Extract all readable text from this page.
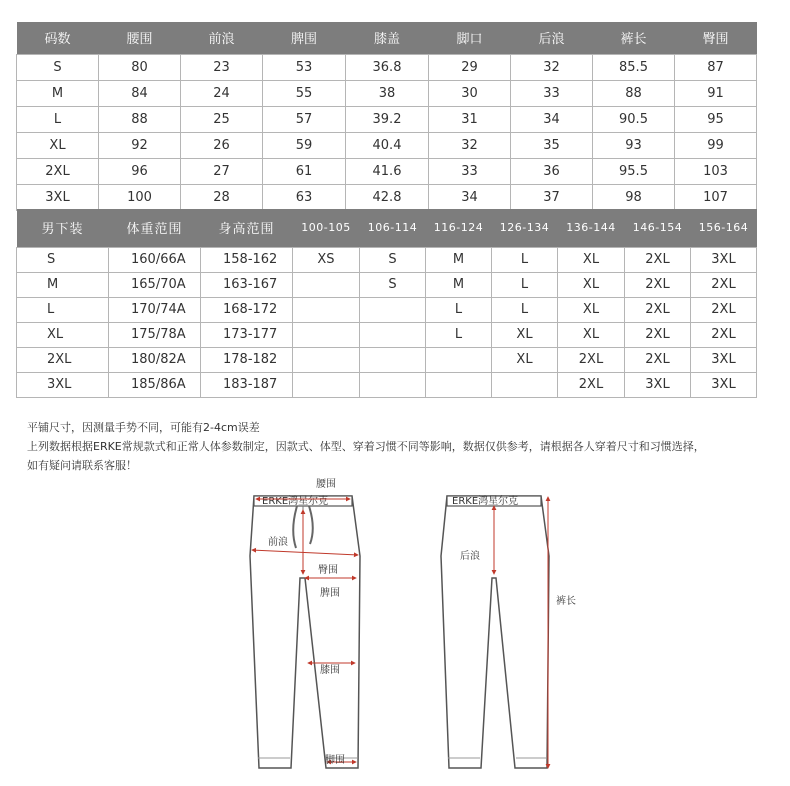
码数	腰围	前浪	脾围	膝盖	脚口	后浪	裤长	臀围
S	80	23	53	36.8	29	32	85.5	87
M	84	24	55	38	30	33	88	91
L	88	25	57	39.2	31	34	90.5	95
XL	92	26	59	40.4	32	35	93	99
2XL	96	27	61	41.6	33	36	95.5	103
3XL	100	28	63	42.8	34	37	98	107
男下装	体重范围	身高范围	100-105	106-114	116-124	126-134	136-144	146-154	156-164
S	160/66A	158-162	XS	S	M	L	XL	2XL	3XL
M	165/70A	163-167		S	M	L	XL	2XL	2XL
L	170/74A	168-172			L	L	XL	2XL	2XL
XL	175/78A	173-177			L	XL	XL	2XL	2XL
2XL	180/82A	178-182				XL	2XL	2XL	3XL
3XL	185/86A	183-187					2XL	3XL	3XL

平铺尺寸，因测量手势不同，可能有2-4cm误差

上列数据根据ERKE常规款式和正常人体参数制定，因款式、体型、穿着习惯不同等影响，数据仅供参考，请根据各人穿着尺寸和习惯选择，

如有疑问请联系客服！

ERKE鸿星尔克
腰围
前浪
臀围
脾围
膝围
脚围
ERKE鸿星尔克
后浪
裤长
